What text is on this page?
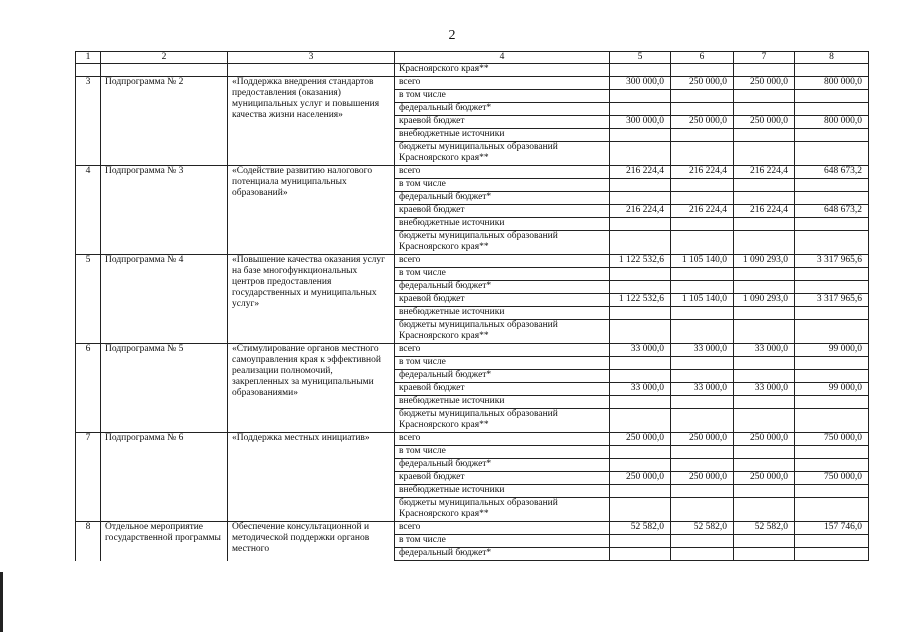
2
1	2	3	4	5	6	7	8
			Красноярского края**				
3	Подпрограмма № 2	«Поддержка внедрения стандартов предоставления (оказания) муниципальных услуг и повышения качества жизни населения»	всего	300 000,0	250 000,0	250 000,0	800 000,0
			в том числе				
			федеральный бюджет*				
			краевой бюджет	300 000,0	250 000,0	250 000,0	800 000,0
			внебюджетные источники				
			бюджеты муниципальных образований Красноярского края**				
4	Подпрограмма № 3	«Содействие развитию налогового потенциала муниципальных образований»	всего	216 224,4	216 224,4	216 224,4	648 673,2
			в том числе				
			федеральный бюджет*				
			краевой бюджет	216 224,4	216 224,4	216 224,4	648 673,2
			внебюджетные источники				
			бюджеты муниципальных образований Красноярского края**				
5	Подпрограмма № 4	«Повышение качества оказания услуг на базе многофункциональных центров предоставления государственных и муниципальных услуг»	всего	1 122 532,6	1 105 140,0	1 090 293,0	3 317 965,6
			в том числе				
			федеральный бюджет*				
			краевой бюджет	1 122 532,6	1 105 140,0	1 090 293,0	3 317 965,6
			внебюджетные источники				
			бюджеты муниципальных образований Красноярского края**				
6	Подпрограмма № 5	«Стимулирование органов местного самоуправления края к эффективной реализации полномочий, закрепленных за муниципальными образованиями»	всего	33 000,0	33 000,0	33 000,0	99 000,0
			в том числе				
			федеральный бюджет*				
			краевой бюджет	33 000,0	33 000,0	33 000,0	99 000,0
			внебюджетные источники				
			бюджеты муниципальных образований Красноярского края**				
7	Подпрограмма № 6	«Поддержка местных инициатив»	всего	250 000,0	250 000,0	250 000,0	750 000,0
			в том числе				
			федеральный бюджет*				
			краевой бюджет	250 000,0	250 000,0	250 000,0	750 000,0
			внебюджетные источники				
			бюджеты муниципальных образований Красноярского края**				
8	Отдельное мероприятие государственной программы	Обеспечение консультационной и методической поддержки органов местного	всего	52 582,0	52 582,0	52 582,0	157 746,0
			в том числе				
			федеральный бюджет*				
